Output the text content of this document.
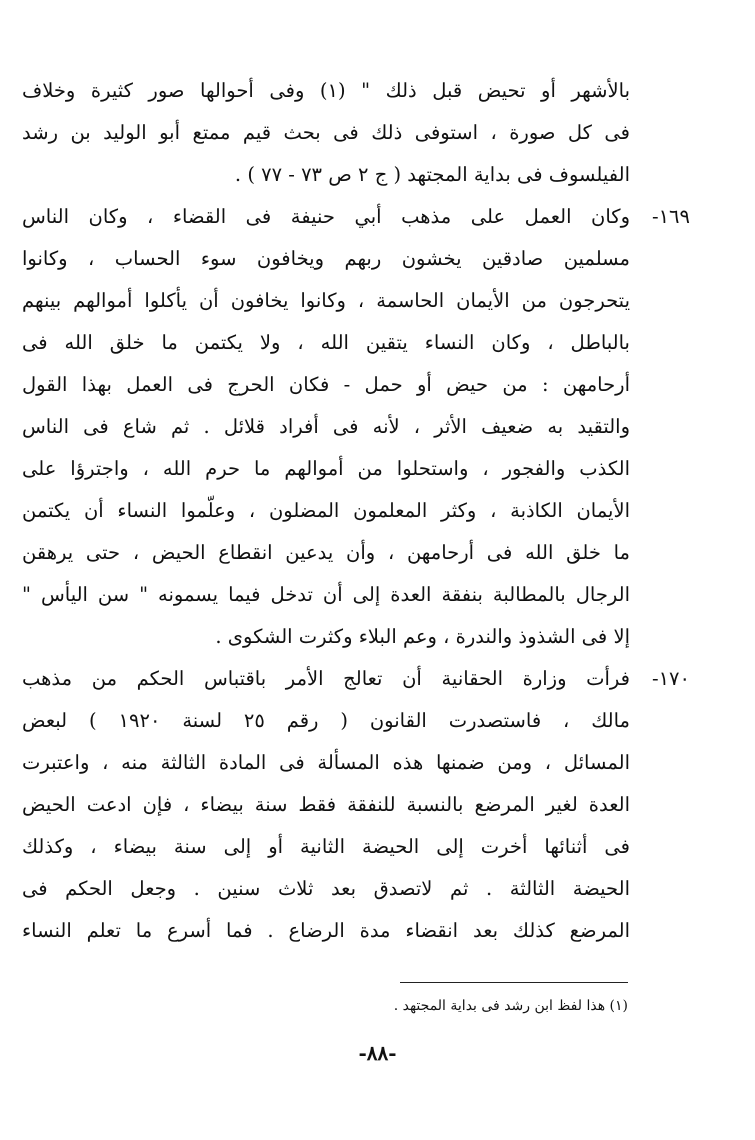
بالأشهر أو تحيض قبل ذلك " (١) وفى أحوالها صور كثيرة وخلاف
فى كل صورة ، استوفى ذلك فى بحث قيم ممتع أبو الوليد بن رشد
الفيلسوف فى بداية المجتهد ( ج ٢ ص ٧٣ - ٧٧ ) .
وكان العمل على مذهب أبي حنيفة فى القضاء ، وكان الناس
مسلمين صادقين يخشون ربهم ويخافون سوء الحساب ، وكانوا
يتحرجون من الأيمان الحاسمة ، وكانوا يخافون أن يأكلوا أموالهم بينهم
بالباطل ، وكان النساء يتقين الله ، ولا يكتمن ما خلق الله فى
أرحامهن : من حيض أو حمل - فكان الحرج فى العمل بهذا القول
والتقيد به ضعيف الأثر ، لأنه فى أفراد قلائل . ثم شاع فى الناس
الكذب والفجور ، واستحلوا من أموالهم ما حرم الله ، واجترؤا على
الأيمان الكاذبة ، وكثر المعلمون المضلون ، وعلّموا النساء أن يكتمن
ما خلق الله فى أرحامهن ، وأن يدعين انقطاع الحيض ، حتى يرهقن
الرجال بالمطالبة بنفقة العدة إلى أن تدخل فيما يسمونه " سن اليأس "
إلا فى الشذوذ والندرة ، وعم البلاء وكثرت الشكوى .
فرأت وزارة الحقانية أن تعالج الأمر باقتباس الحكم من مذهب
مالك ، فاستصدرت القانون ( رقم ٢٥ لسنة ١٩٢٠ ) لبعض
المسائل ، ومن ضمنها هذه المسألة فى المادة الثالثة منه ، واعتبرت
العدة لغير المرضع بالنسبة للنفقة فقط سنة بيضاء ، فإن ادعت الحيض
فى أثنائها أخرت إلى الحيضة الثانية أو إلى سنة بيضاء ، وكذلك
الحيضة الثالثة . ثم لاتصدق بعد ثلاث سنين . وجعل الحكم فى
المرضع كذلك بعد انقضاء مدة الرضاع . فما أسرع ما تعلم النساء
١٦٩-
١٧٠-
(١) هذا لفظ ابن رشد فى بداية المجتهد .
-٨٨-
